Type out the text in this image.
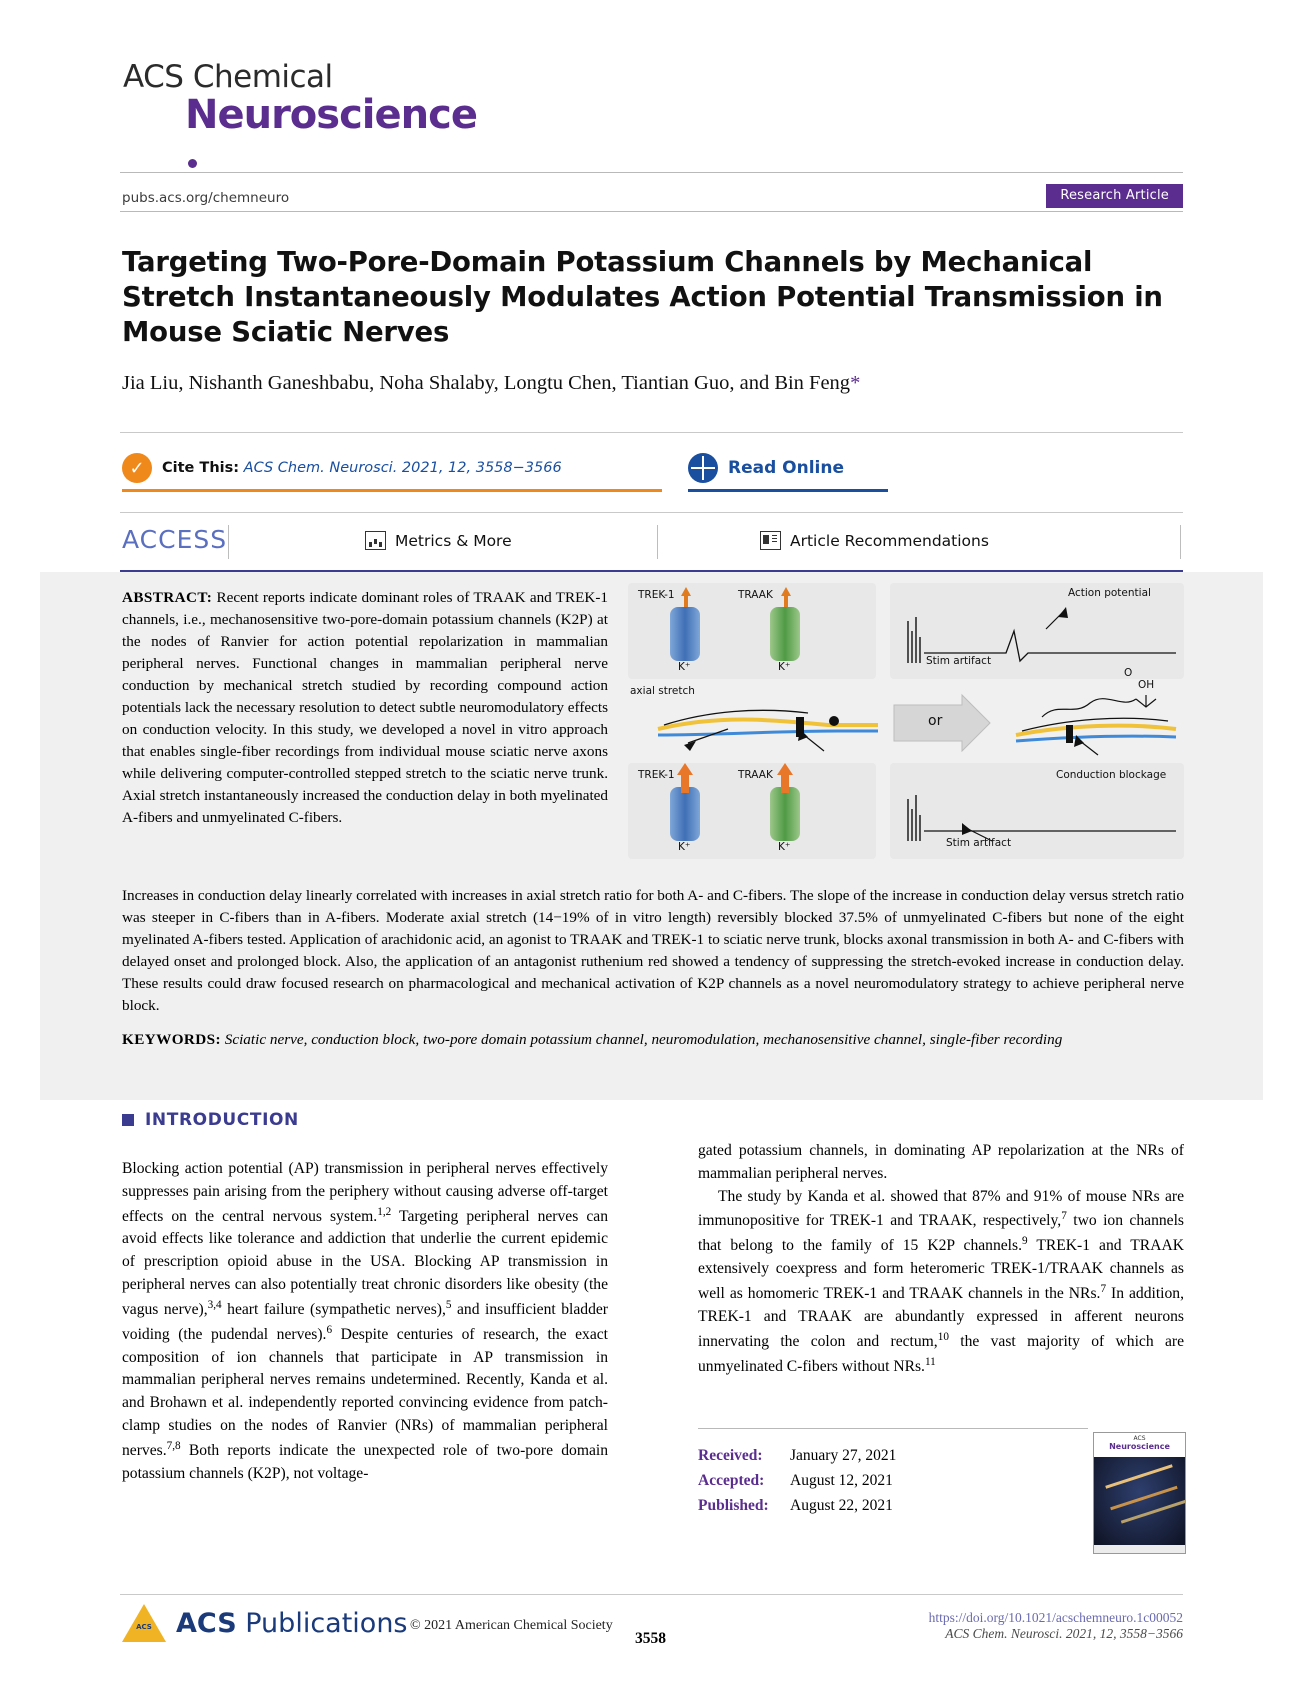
ACS Chemical
Neuroscience
pubs.acs.org/chemneuro	Research Article
Targeting Two-Pore-Domain Potassium Channels by Mechanical Stretch Instantaneously Modulates Action Potential Transmission in Mouse Sciatic Nerves
Jia Liu, Nishanth Ganeshbabu, Noha Shalaby, Longtu Chen, Tiantian Guo, and Bin Feng*
✓	Cite This: ACS Chem. Neurosci. 2021, 12, 3558−3566	Read Online
ACCESS	Metrics & More	Article Recommendations
ABSTRACT: Recent reports indicate dominant roles of TRAAK and TREK-1 channels, i.e., mechanosensitive two-pore-domain potassium channels (K2P) at the nodes of Ranvier for action potential repolarization in mammalian peripheral nerves. Functional changes in mammalian peripheral nerve conduction by mechanical stretch studied by recording compound action potentials lack the necessary resolution to detect subtle neuromodulatory effects on conduction velocity. In this study, we developed a novel in vitro approach that enables single-fiber recordings from individual mouse sciatic nerve axons while delivering computer-controlled stepped stretch to the sciatic nerve trunk. Axial stretch instantaneously increased the conduction delay in both myelinated A-fibers and unmyelinated C-fibers.
TREK-1	TRAAK
K⁺	K⁺
Action potential
Stim artifact
axial stretch
or
OH
O
TREK-1	TRAAK
K⁺	K⁺
Conduction blockage
Stim artifact
Increases in conduction delay linearly correlated with increases in axial stretch ratio for both A- and C-fibers. The slope of the increase in conduction delay versus stretch ratio was steeper in C-fibers than in A-fibers. Moderate axial stretch (14−19% of in vitro length) reversibly blocked 37.5% of unmyelinated C-fibers but none of the eight myelinated A-fibers tested. Application of arachidonic acid, an agonist to TRAAK and TREK-1 to sciatic nerve trunk, blocks axonal transmission in both A- and C-fibers with delayed onset and prolonged block. Also, the application of an antagonist ruthenium red showed a tendency of suppressing the stretch-evoked increase in conduction delay. These results could draw focused research on pharmacological and mechanical activation of K2P channels as a novel neuromodulatory strategy to achieve peripheral nerve block.
KEYWORDS: Sciatic nerve, conduction block, two-pore domain potassium channel, neuromodulation, mechanosensitive channel, single-fiber recording
INTRODUCTION

Blocking action potential (AP) transmission in peripheral nerves effectively suppresses pain arising from the periphery without causing adverse off-target effects on the central nervous system.$^{1,2}$ Targeting peripheral nerves can avoid effects like tolerance and addiction that underlie the current epidemic of prescription opioid abuse in the USA. Blocking AP transmission in peripheral nerves can also potentially treat chronic disorders like obesity (the vagus nerve),$^{3,4}$ heart failure (sympathetic nerves),$^5$ and insufficient bladder voiding (the pudendal nerves).$^6$ Despite centuries of research, the exact composition of ion channels that participate in AP transmission in mammalian peripheral nerves remains undetermined. Recently, Kanda et al. and Brohawn et al. independently reported convincing evidence from patch-clamp studies on the nodes of Ranvier (NRs) of mammalian peripheral nerves.$^{7,8}$ Both reports indicate the unexpected role of two-pore domain potassium channels (K2P), not voltage-

gated potassium channels, in dominating AP repolarization at the NRs of mammalian peripheral nerves.

The study by Kanda et al. showed that 87% and 91% of mouse NRs are immunopositive for TREK-1 and TRAAK, respectively,$^7$ two ion channels that belong to the family of 15 K2P channels.$^9$ TREK-1 and TRAAK extensively coexpress and form heteromeric TREK-1/TRAAK channels as well as homomeric TREK-1 and TRAAK channels in the NRs.$^7$ In addition, TREK-1 and TRAAK are abundantly expressed in afferent neurons innervating the colon and rectum,$^{10}$ the vast majority of which are unmyelinated C-fibers without NRs.$^{11}$

Received: January 27, 2021
Accepted: August 12, 2021
Published: August 22, 2021
ACS
Neuroscience
ACS
ACS Publications © 2021 American Chemical Society
3558
https://doi.org/10.1021/acschemneuro.1c00052
ACS Chem. Neurosci. 2021, 12, 3558−3566
